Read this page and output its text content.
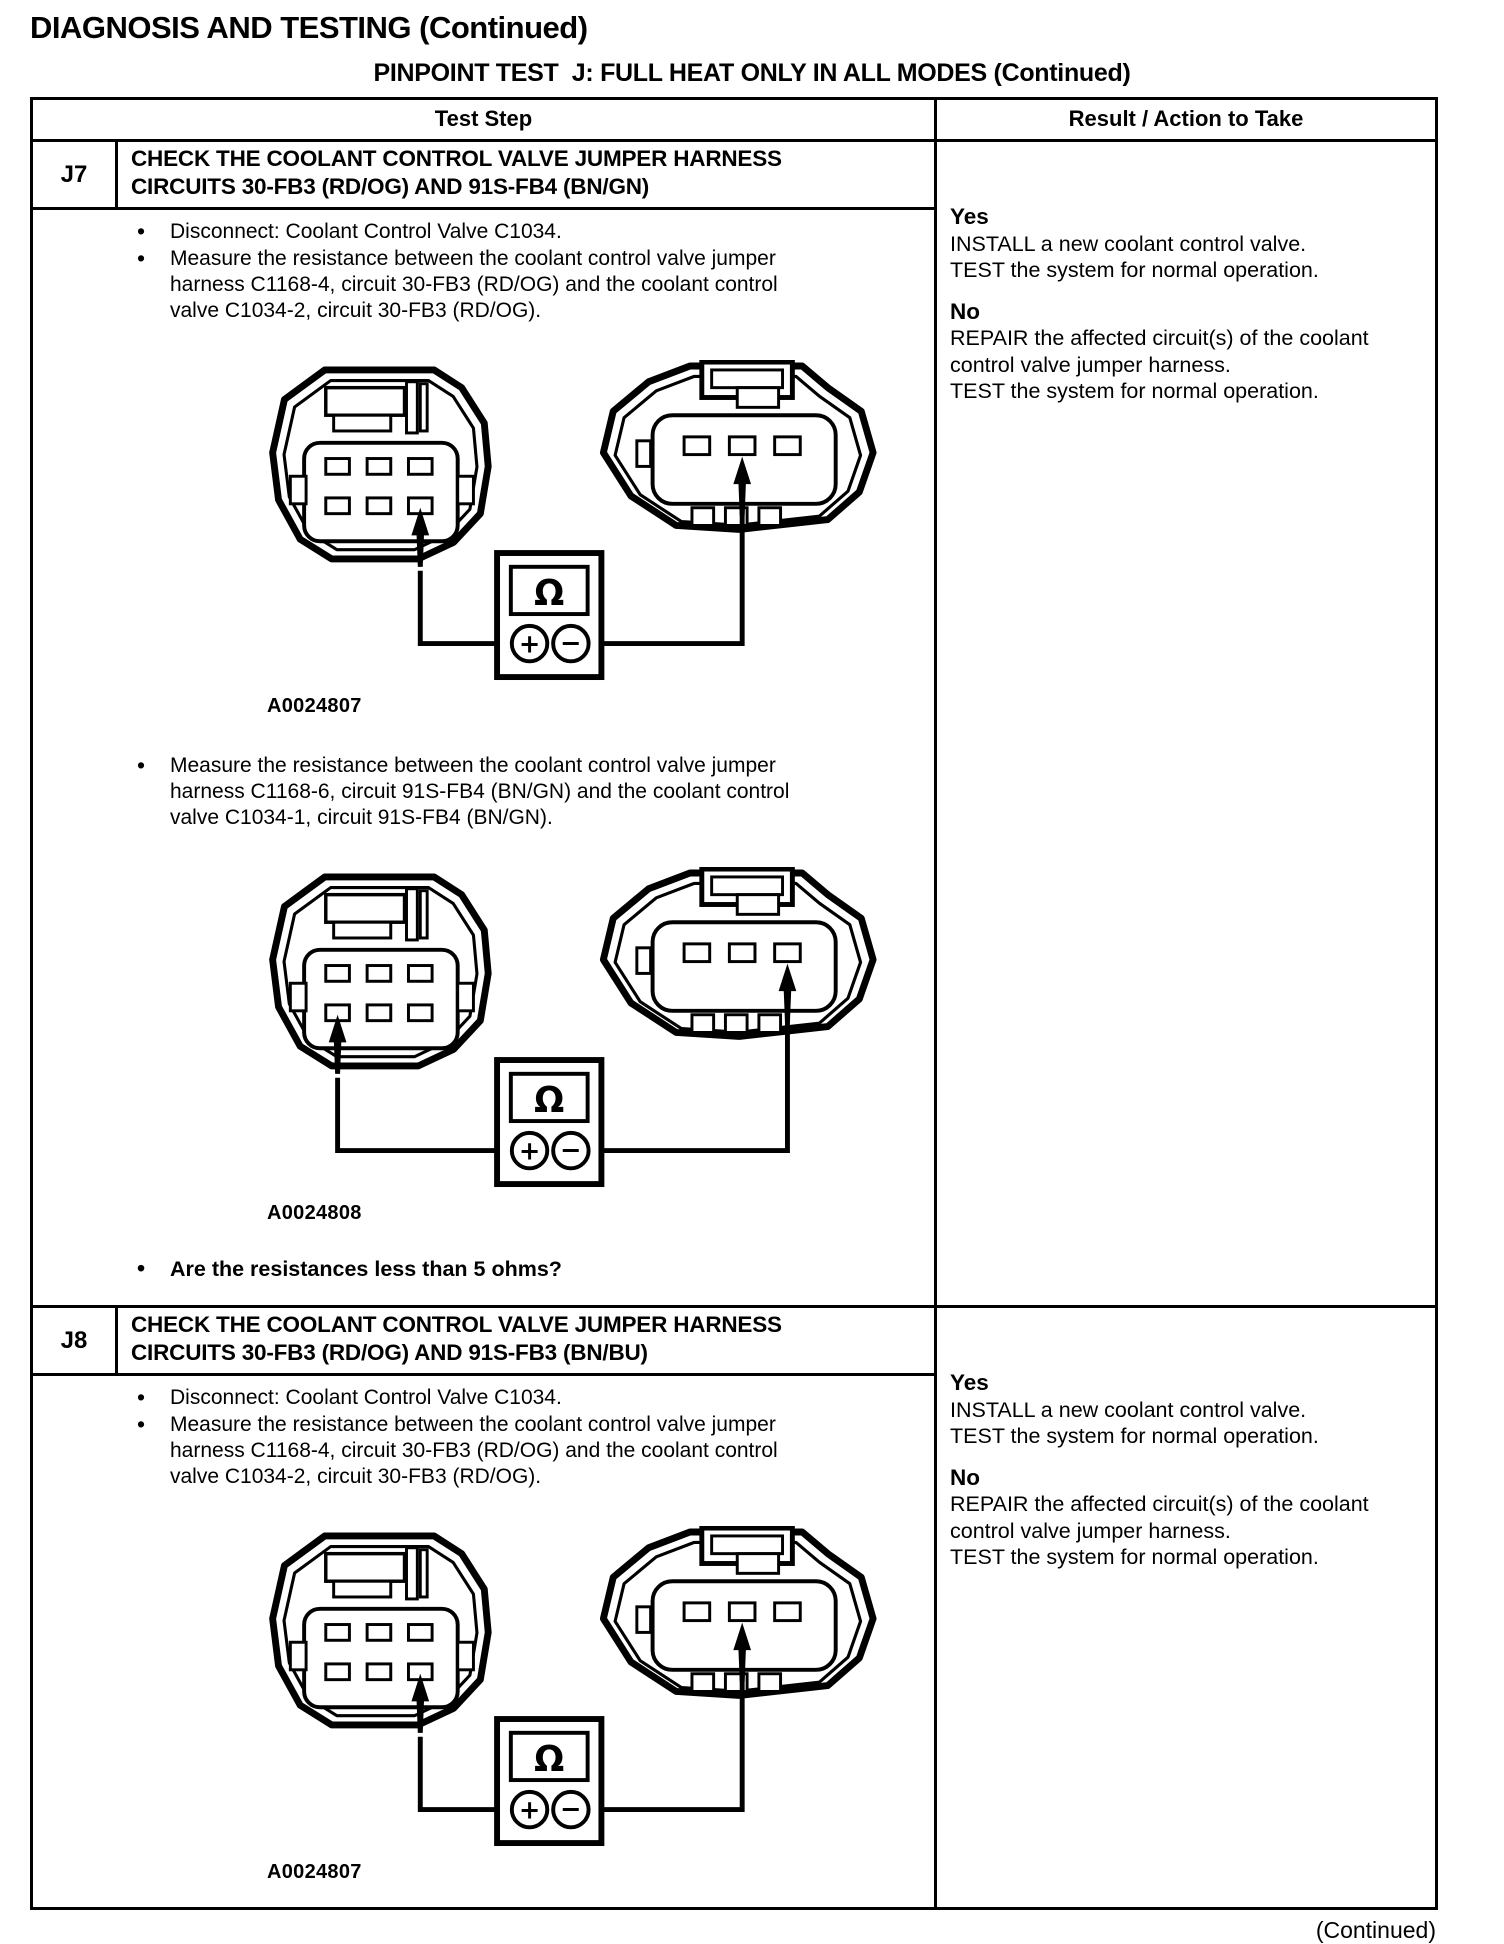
DIAGNOSIS AND TESTING (Continued)
PINPOINT TEST  J: FULL HEAT ONLY IN ALL MODES (Continued)
Test Step	Result / Action to Take
J7
CHECK THE COOLANT CONTROL VALVE JUMPER HARNESS
CIRCUITS 30-FB3 (RD/OG) AND 91S-FB4 (BN/GN)
• Disconnect: Coolant Control Valve C1034.
• Measure the resistance between the coolant control valve jumper harness C1168-4, circuit 30-FB3 (RD/OG) and the coolant control valve C1034-2, circuit 30-FB3 (RD/OG).
Ω
+ −
A0024807
• Measure the resistance between the coolant control valve jumper harness C1168-6, circuit 91S-FB4 (BN/GN) and the coolant control valve C1034-1, circuit 91S-FB4 (BN/GN).
Ω
+ −
A0024808
• Are the resistances less than 5 ohms?
Yes

INSTALL a new coolant control valve.

TEST the system for normal operation.

No

REPAIR the affected circuit(s) of the coolant control valve jumper harness.

TEST the system for normal operation.

J8
CHECK THE COOLANT CONTROL VALVE JUMPER HARNESS
CIRCUITS 30-FB3 (RD/OG) AND 91S-FB3 (BN/BU)
• Disconnect: Coolant Control Valve C1034.
• Measure the resistance between the coolant control valve jumper harness C1168-4, circuit 30-FB3 (RD/OG) and the coolant control valve C1034-2, circuit 30-FB3 (RD/OG).
Ω
+ −
A0024807
Yes

INSTALL a new coolant control valve.

TEST the system for normal operation.

No

REPAIR the affected circuit(s) of the coolant control valve jumper harness.

TEST the system for normal operation.

(Continued)
